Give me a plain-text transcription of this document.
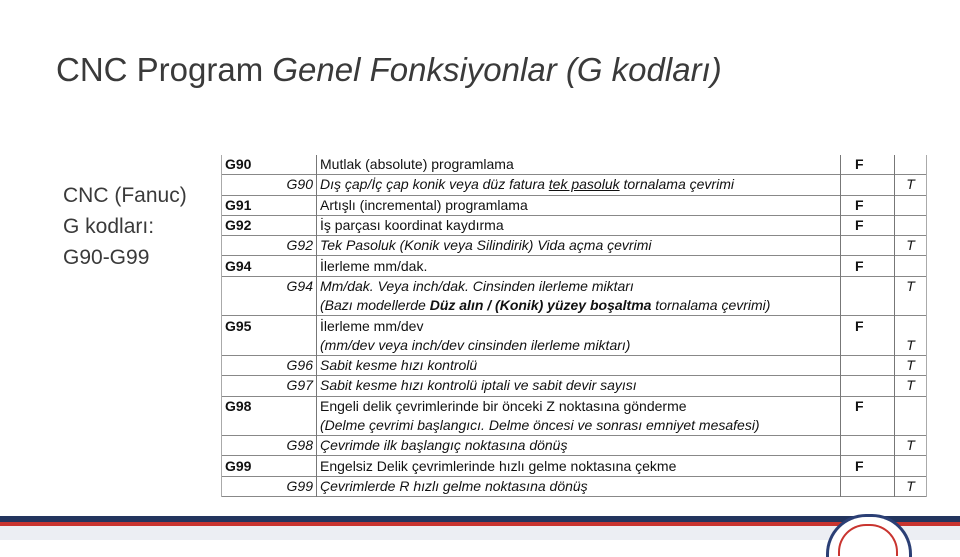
CNC Program Genel Fonksiyonlar (G kodları)
CNC (Fanuc)
G kodları:
G90-G99
G90	Mutlak (absolute) programlama	F	
G90	Dış çap/İç çap konik veya düz fatura tek pasoluk tornalama çevrimi		T
G91	Artışlı (incremental) programlama	F	
G92	İş parçası koordinat kaydırma	F	
G92	Tek Pasoluk (Konik veya Silindirik) Vida açma çevrimi		T
G94	İlerleme mm/dak.	F	
G94	Mm/dak. Veya inch/dak. Cinsinden ilerleme miktarı		T
	(Bazı modellerde Düz alın / (Konik) yüzey boşaltma tornalama çevrimi)		
G95	İlerleme mm/dev	F	
	(mm/dev veya inch/dev cinsinden ilerleme miktarı)		T
G96	Sabit kesme hızı kontrolü		T
G97	Sabit kesme hızı kontrolü iptali ve sabit devir sayısı		T
G98	Engeli delik çevrimlerinde bir önceki Z noktasına gönderme	F	
	(Delme çevrimi başlangıcı. Delme öncesi ve sonrası emniyet mesafesi)		
G98	Çevrimde ilk başlangıç noktasına dönüş		T
G99	Engelsiz Delik çevrimlerinde hızlı gelme noktasına çekme	F	
G99	Çevrimlerde R hızlı gelme noktasına dönüş		T
